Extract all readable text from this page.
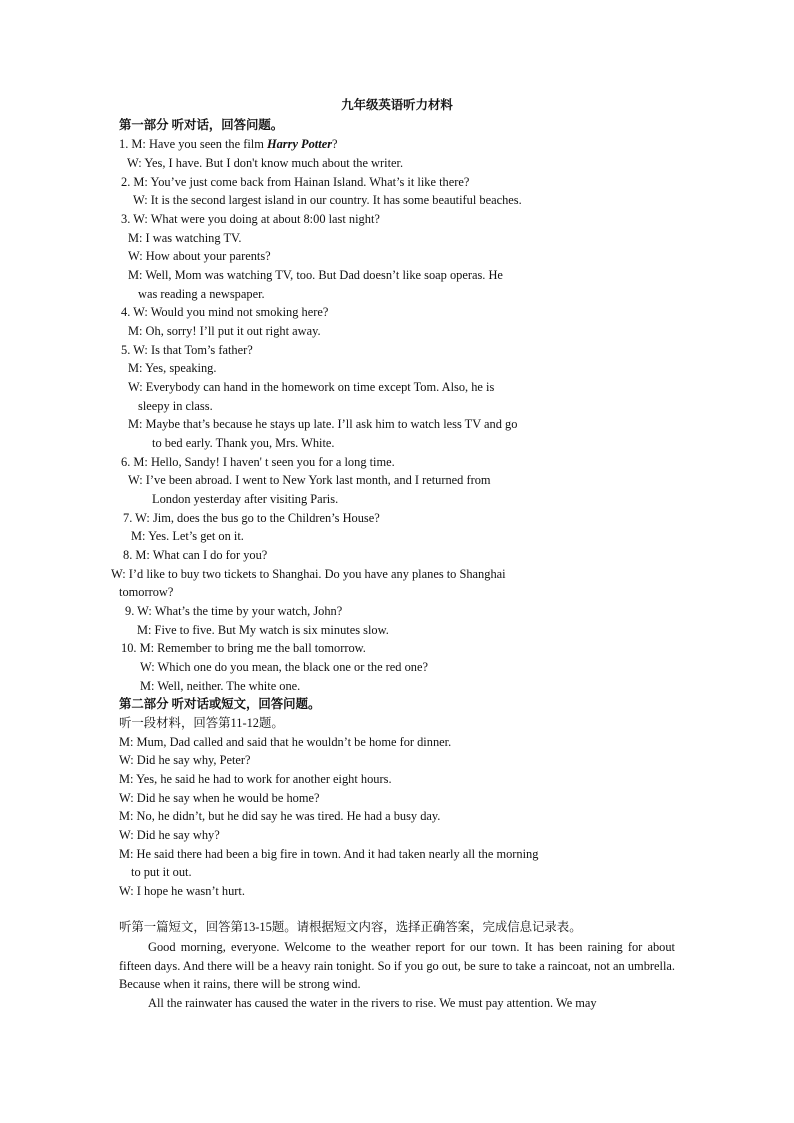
九年级英语听力材料
第一部分 听对话，回答问题。
1. M: Have you seen the film Harry Potter?
W: Yes, I have. But I don't know much about the writer.
2. M: You’ve just come back from Hainan Island. What’s it like there?
W: It is the second largest island in our country. It has some beautiful beaches.
3. W: What were you doing at about 8:00 last night?
M: I was watching TV.
W: How about your parents?
M: Well, Mom was watching TV, too. But Dad doesn’t like soap operas. He
was reading a newspaper.
4. W: Would you mind not smoking here?
M: Oh, sorry! I’ll put it out right away.
5. W: Is that Tom’s father?
M: Yes, speaking.
W: Everybody can hand in the homework on time except Tom. Also, he is
sleepy in class.
M: Maybe that’s because he stays up late. I’ll ask him to watch less TV and go
to bed early. Thank you, Mrs. White.
6. M: Hello, Sandy! I haven' t seen you for a long time.
W: I’ve been abroad. I went to New York last month, and I returned from
London yesterday after visiting Paris.
7. W: Jim, does the bus go to the Children’s House?
M: Yes. Let’s get on it.
8. M: What can I do for you?
W: I’d like to buy two tickets to Shanghai. Do you have any planes to Shanghai
tomorrow?
9. W: What’s the time by your watch, John?
M: Five to five. But My watch is six minutes slow.
10. M: Remember to bring me the ball tomorrow.
W: Which one do you mean, the black one or the red one?
M: Well, neither. The white one.
第二部分 听对话或短文，回答问题。
听一段材料，回答第11-12题。
M: Mum, Dad called and said that he wouldn’t be home for dinner.
W: Did he say why, Peter?
M: Yes, he said he had to work for another eight hours.
W: Did he say when he would be home?
M: No, he didn’t, but he did say he was tired. He had a busy day.
W: Did he say why?
M: He said there had been a big fire in town. And it had taken nearly all the morning
to put it out.
W: I hope he wasn’t hurt.
听第一篇短文，回答第13-15题。请根据短文内容，选择正确答案，完成信息记录表。
Good morning, everyone. Welcome to the weather report for our town. It has been raining for about fifteen days. And there will be a heavy rain tonight. So if you go out, be sure to take a raincoat, not an umbrella. Because when it rains, there will be strong wind.
All the rainwater has caused the water in the rivers to rise. We must pay attention. We may
